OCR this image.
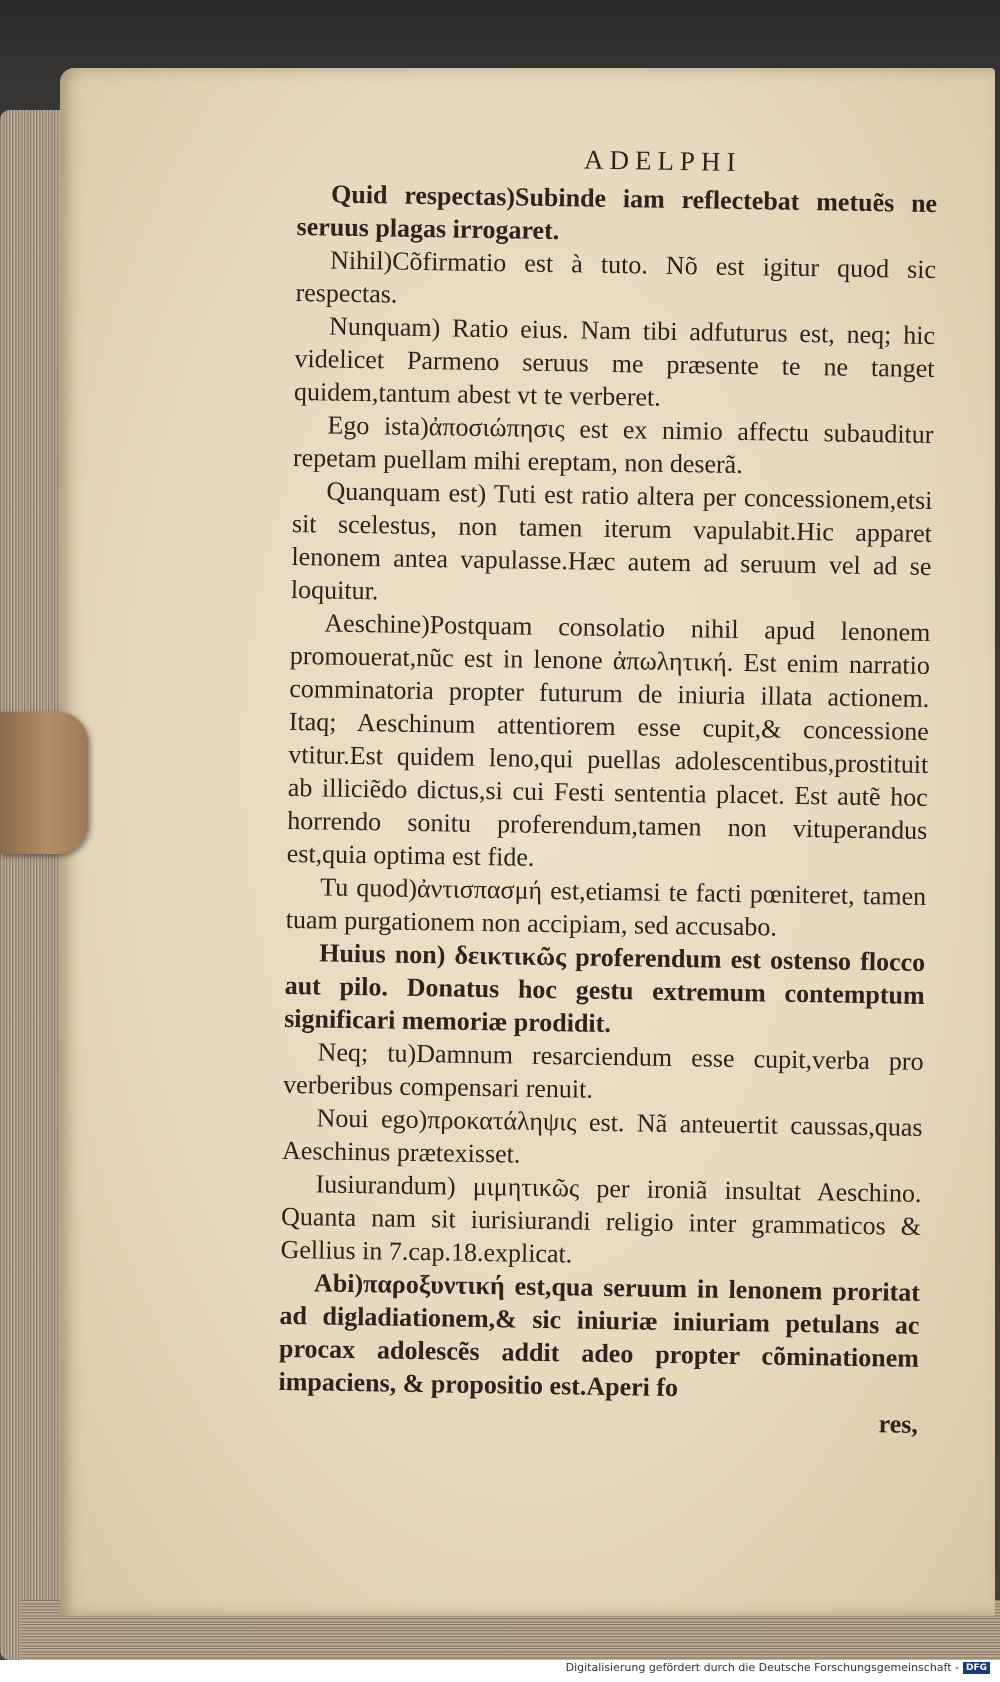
ADELPHI

Quid respectas)Subinde iam reflectebat metuẽs ne seruus plagas irrogaret.

Nihil)Cõfirmatio est à tuto. Nõ est igitur quod sic respectas.

Nunquam) Ratio eius. Nam tibi adfuturus est, neq; hic videlicet Parmeno seruus me præsente te ne tanget quidem,tantum abest vt te verberet.

Ego ista)ἀποσιώπησις est ex nimio affectu subauditur repetam puellam mihi ereptam, non deserã.

Quanquam est) Tuti est ratio altera per concessionem,etsi sit scelestus, non tamen iterum vapulabit.Hic apparet lenonem antea vapulasse.Hæc autem ad seruum vel ad se loquitur.

Aeschine)Postquam consolatio nihil apud lenonem promouerat,nũc est in lenone ἀπωλητική. Est enim narratio comminatoria propter futurum de iniuria illata actionem. Itaq; Aeschinum attentiorem esse cupit,& concessione vtitur.Est quidem leno,qui puellas adolescentibus,prostituit ab illiciẽdo dictus,si cui Festi sententia placet. Est autẽ hoc horrendo sonitu proferendum,tamen non vituperandus est,quia optima est fide.

Tu quod)ἀντισπασμή est,etiamsi te facti pœniteret, tamen tuam purgationem non accipiam, sed accusabo.

Huius non) δεικτικῶς proferendum est ostenso flocco aut pilo. Donatus hoc gestu extremum contemptum significari memoriæ prodidit.

Neq; tu)Damnum resarciendum esse cupit,verba pro verberibus compensari renuit.

Noui ego)προκατάληψις est. Nã anteuertit caussas,quas Aeschinus prætexisset.

Iusiurandum) μιμητικῶς per ironiã insultat Aeschino. Quanta nam sit iurisiurandi religio inter grammaticos & Gellius in 7.cap.18.explicat.

Abi)παροξυντική est,qua seruum in lenonem proritat ad digladiationem,& sic iniuriæ iniuriam petulans ac procax adolescẽs addit adeo propter cõminationem impaciens, & propositio est.Aperi fo

res,
Digitalisierung gefördert durch die Deutsche Forschungsgemeinschaft - DFG
